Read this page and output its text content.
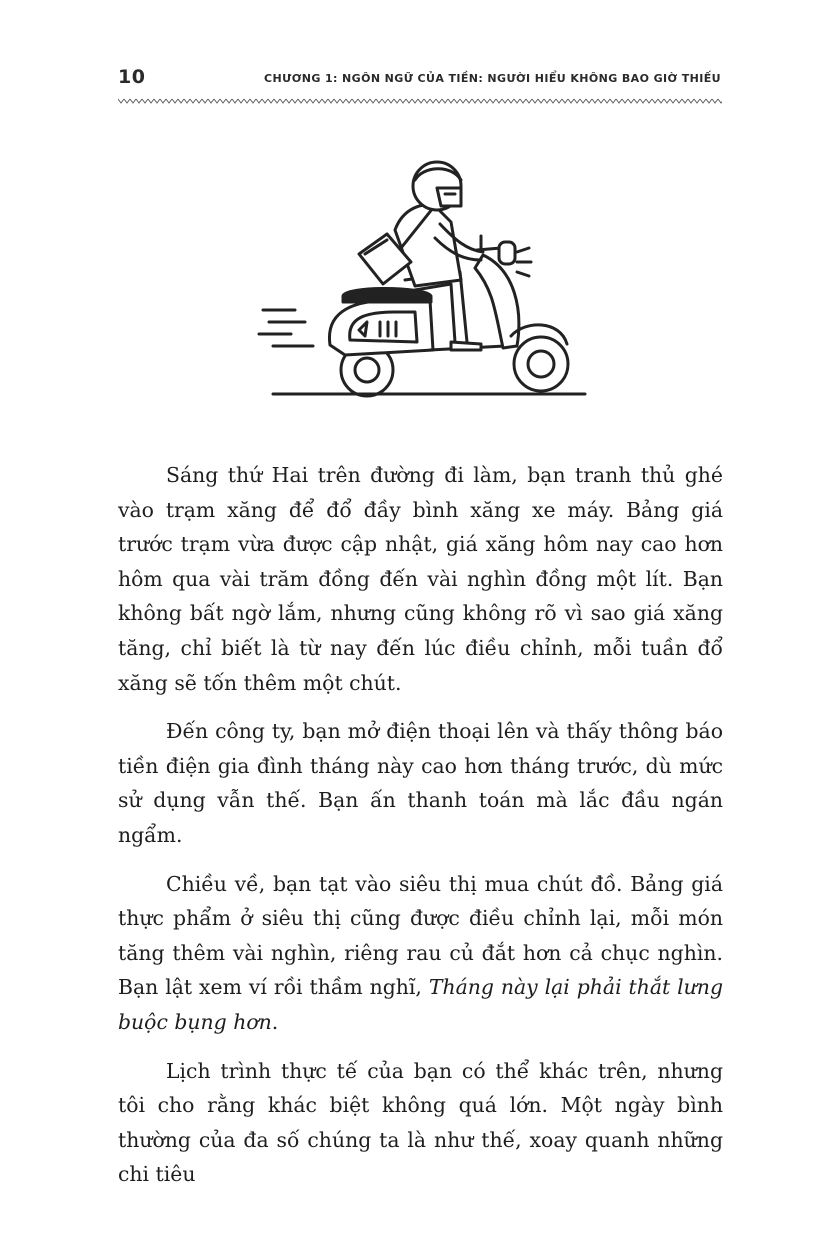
10	CHƯƠNG 1: NGÔN NGỮ CỦA TIỀN: NGƯỜI HIỂU KHÔNG BAO GIỜ THIẾU

Sáng thứ Hai trên đường đi làm, bạn tranh thủ ghé vào trạm xăng để đổ đầy bình xăng xe máy. Bảng giá trước trạm vừa được cập nhật, giá xăng hôm nay cao hơn hôm qua vài trăm đồng đến vài nghìn đồng một lít. Bạn không bất ngờ lắm, nhưng cũng không rõ vì sao giá xăng tăng, chỉ biết là từ nay đến lúc điều chỉnh, mỗi tuần đổ xăng sẽ tốn thêm một chút.

Đến công ty, bạn mở điện thoại lên và thấy thông báo tiền điện gia đình tháng này cao hơn tháng trước, dù mức sử dụng vẫn thế. Bạn ấn thanh toán mà lắc đầu ngán ngẩm.

Chiều về, bạn tạt vào siêu thị mua chút đồ. Bảng giá thực phẩm ở siêu thị cũng được điều chỉnh lại, mỗi món tăng thêm vài nghìn, riêng rau củ đắt hơn cả chục nghìn. Bạn lật xem ví rồi thầm nghĩ, Tháng này lại phải thắt lưng buộc bụng hơn.

Lịch trình thực tế của bạn có thể khác trên, nhưng tôi cho rằng khác biệt không quá lớn. Một ngày bình thường của đa số chúng ta là như thế, xoay quanh những chi tiêu
